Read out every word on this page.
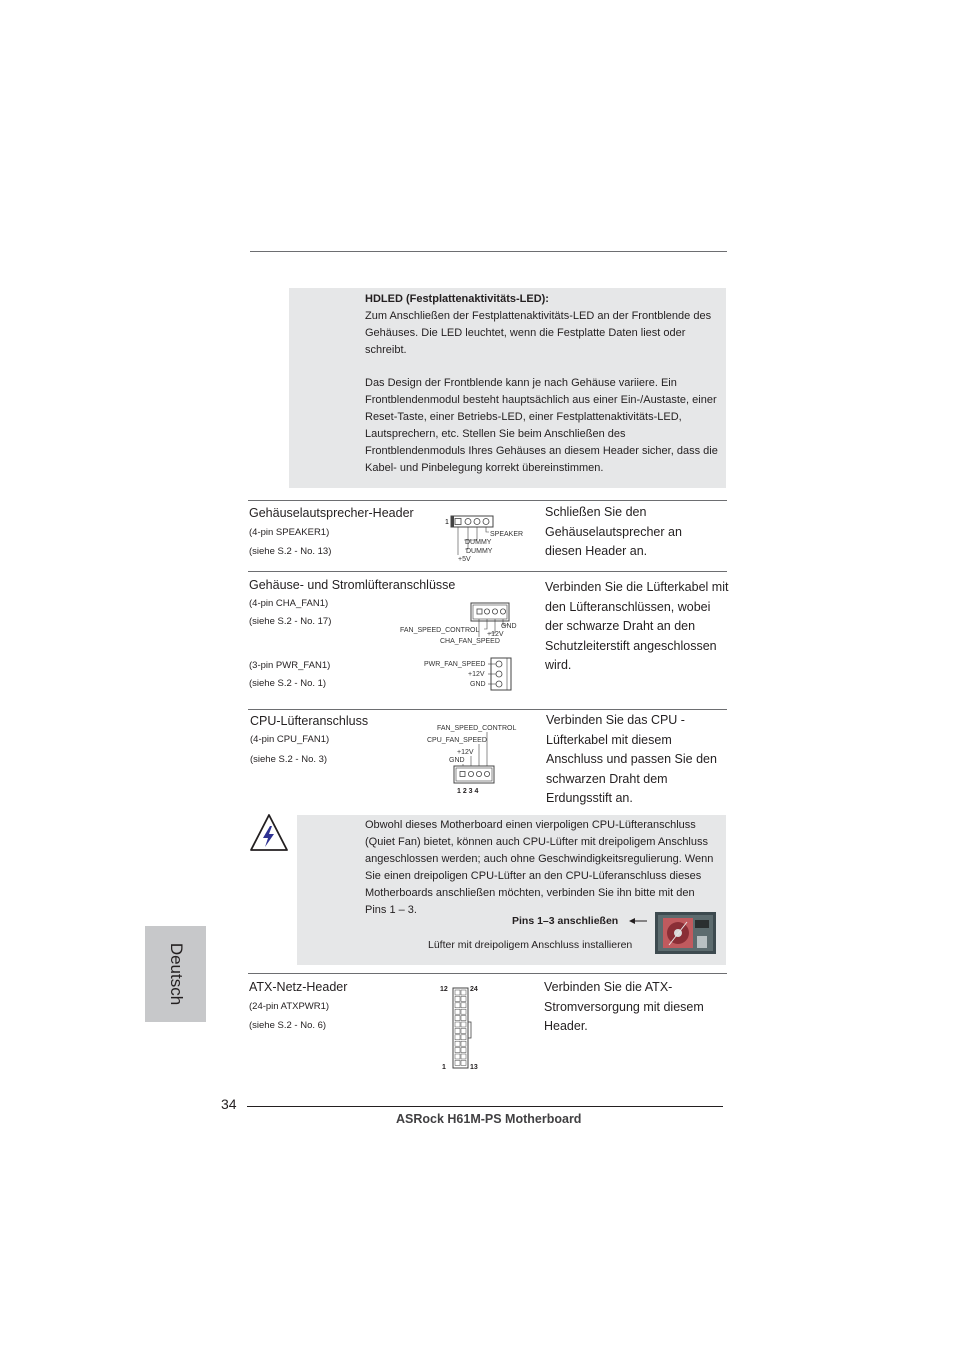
HDLED (Festplattenaktivitäts-LED):

Zum Anschließen der Festplattenaktivitäts-LED an der Frontblende des

Gehäuses. Die LED leuchtet, wenn die Festplatte Daten liest oder

schreibt.

Das Design der Frontblende kann je nach Gehäuse variiere. Ein

Frontblendenmodul besteht hauptsächlich aus einer Ein-/Austaste, einer

Reset-Taste, einer Betriebs-LED, einer Festplattenaktivitäts-LED,

Lautsprechern, etc. Stellen Sie beim Anschließen des

Frontblendenmoduls Ihres Gehäuses an diesem Header sicher, dass die

Kabel- und Pinbelegung korrekt übereinstimmen.

Gehäuselautsprecher-Header
(4-pin SPEAKER1)
(siehe S.2 - No. 13)
1
SPEAKER
DUMMY
DUMMY
+5V
Schließen Sie den
Gehäuselautsprecher an
diesen Header an.
Gehäuse- und Stromlüfteranschlüsse
(4-pin CHA_FAN1)
(siehe S.2 - No. 17)
(3-pin PWR_FAN1)
(siehe S.2 - No. 1)
GND
+12V
FAN_SPEED_CONTROL
CHA_FAN_SPEED
PWR_FAN_SPEED
+12V
GND
Verbinden Sie die Lüfterkabel mit
den Lüfteranschlüssen, wobei
der schwarze Draht an den
Schutzleiterstift angeschlossen
wird.
CPU-Lüfteranschluss
(4-pin CPU_FAN1)
(siehe S.2 - No. 3)
FAN_SPEED_CONTROL
CPU_FAN_SPEED
+12V
GND
1 2 3 4
Verbinden Sie das CPU -
Lüfterkabel mit diesem
Anschluss und passen Sie den
schwarzen Draht dem
Erdungsstift an.

Obwohl dieses Motherboard einen vierpoligen CPU-Lüfteranschluss

(Quiet Fan) bietet, können auch CPU-Lüfter mit dreipoligem Anschluss

angeschlossen werden; auch ohne Geschwindigkeitsregulierung. Wenn

Sie einen dreipoligen CPU-Lüfter an den CPU-Lüferanschluss dieses

Motherboards anschließen möchten, verbinden Sie ihn bitte mit den

Pins 1 – 3.

Pins 1–3 anschließen
Lüfter mit dreipoligem Anschluss installieren
Deutsch	ATX-Netz-Header
(24-pin ATXPWR1)
(siehe S.2 - No. 6)
12	24
1	13
Verbinden Sie die ATX-
Stromversorgung mit diesem
Header.
34
ASRock H61M-PS Motherboard
